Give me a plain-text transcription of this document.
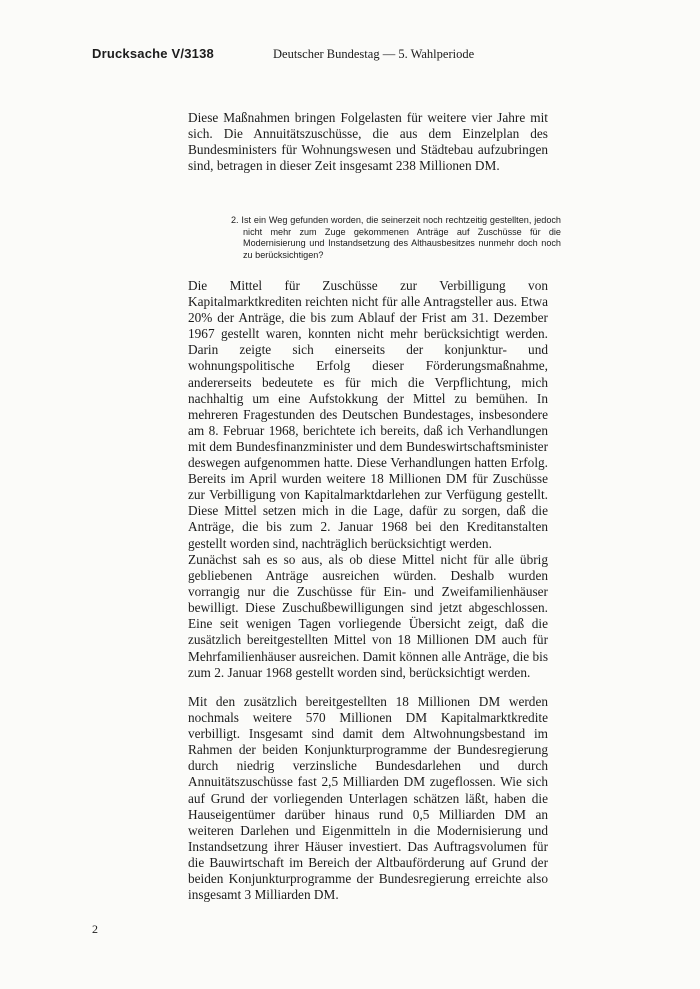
Drucksache V/3138	Deutscher Bundestag — 5. Wahlperiode

Diese Maßnahmen bringen Folgelasten für weitere vier Jahre mit sich. Die Annuitätszuschüsse, die aus dem Einzelplan des Bundesministers für Wohnungswesen und Städtebau aufzubringen sind, betragen in dieser Zeit insgesamt 238 Millionen DM.

2. Ist ein Weg gefunden worden, die seinerzeit noch rechtzeitig gestellten, jedoch nicht mehr zum Zuge gekommenen Anträge auf Zuschüsse für die Modernisierung und Instandsetzung des Althausbesitzes nunmehr doch noch zu berücksichtigen?

Die Mittel für Zuschüsse zur Verbilligung von Kapitalmarktkrediten reichten nicht für alle Antragsteller aus. Etwa 20% der Anträge, die bis zum Ablauf der Frist am 31. Dezember 1967 gestellt waren, konnten nicht mehr berücksichtigt werden. Darin zeigte sich einerseits der konjunktur- und wohnungspolitische Erfolg dieser Förderungsmaßnahme, andererseits bedeutete es für mich die Verpflichtung, mich nachhaltig um eine Aufstokkung der Mittel zu bemühen. In mehreren Fragestunden des Deutschen Bundestages, insbesondere am 8. Februar 1968, berichtete ich bereits, daß ich Verhandlungen mit dem Bundesfinanzminister und dem Bundeswirtschaftsminister deswegen aufgenommen hatte. Diese Verhandlungen hatten Erfolg. Bereits im April wurden weitere 18 Millionen DM für Zuschüsse zur Verbilligung von Kapitalmarktdarlehen zur Verfügung gestellt. Diese Mittel setzen mich in die Lage, dafür zu sorgen, daß die Anträge, die bis zum 2. Januar 1968 bei den Kreditanstalten gestellt worden sind, nachträglich berücksichtigt werden.

Zunächst sah es so aus, als ob diese Mittel nicht für alle übrig gebliebenen Anträge ausreichen würden. Deshalb wurden vorrangig nur die Zuschüsse für Ein- und Zweifamilienhäuser bewilligt. Diese Zuschußbewilligungen sind jetzt abgeschlossen. Eine seit wenigen Tagen vorliegende Übersicht zeigt, daß die zusätzlich bereitgestellten Mittel von 18 Millionen DM auch für Mehrfamilienhäuser ausreichen. Damit können alle Anträge, die bis zum 2. Januar 1968 gestellt worden sind, berücksichtigt werden.

Mit den zusätzlich bereitgestellten 18 Millionen DM werden nochmals weitere 570 Millionen DM Kapitalmarktkredite verbilligt. Insgesamt sind damit dem Altwohnungsbestand im Rahmen der beiden Konjunkturprogramme der Bundesregierung durch niedrig verzinsliche Bundesdarlehen und durch Annuitätszuschüsse fast 2,5 Milliarden DM zugeflossen. Wie sich auf Grund der vorliegenden Unterlagen schätzen läßt, haben die Hauseigentümer darüber hinaus rund 0,5 Milliarden DM an weiteren Darlehen und Eigenmitteln in die Modernisierung und Instandsetzung ihrer Häuser investiert. Das Auftragsvolumen für die Bauwirtschaft im Bereich der Altbauförderung auf Grund der beiden Konjunkturprogramme der Bundesregierung erreichte also insgesamt 3 Milliarden DM.

2
